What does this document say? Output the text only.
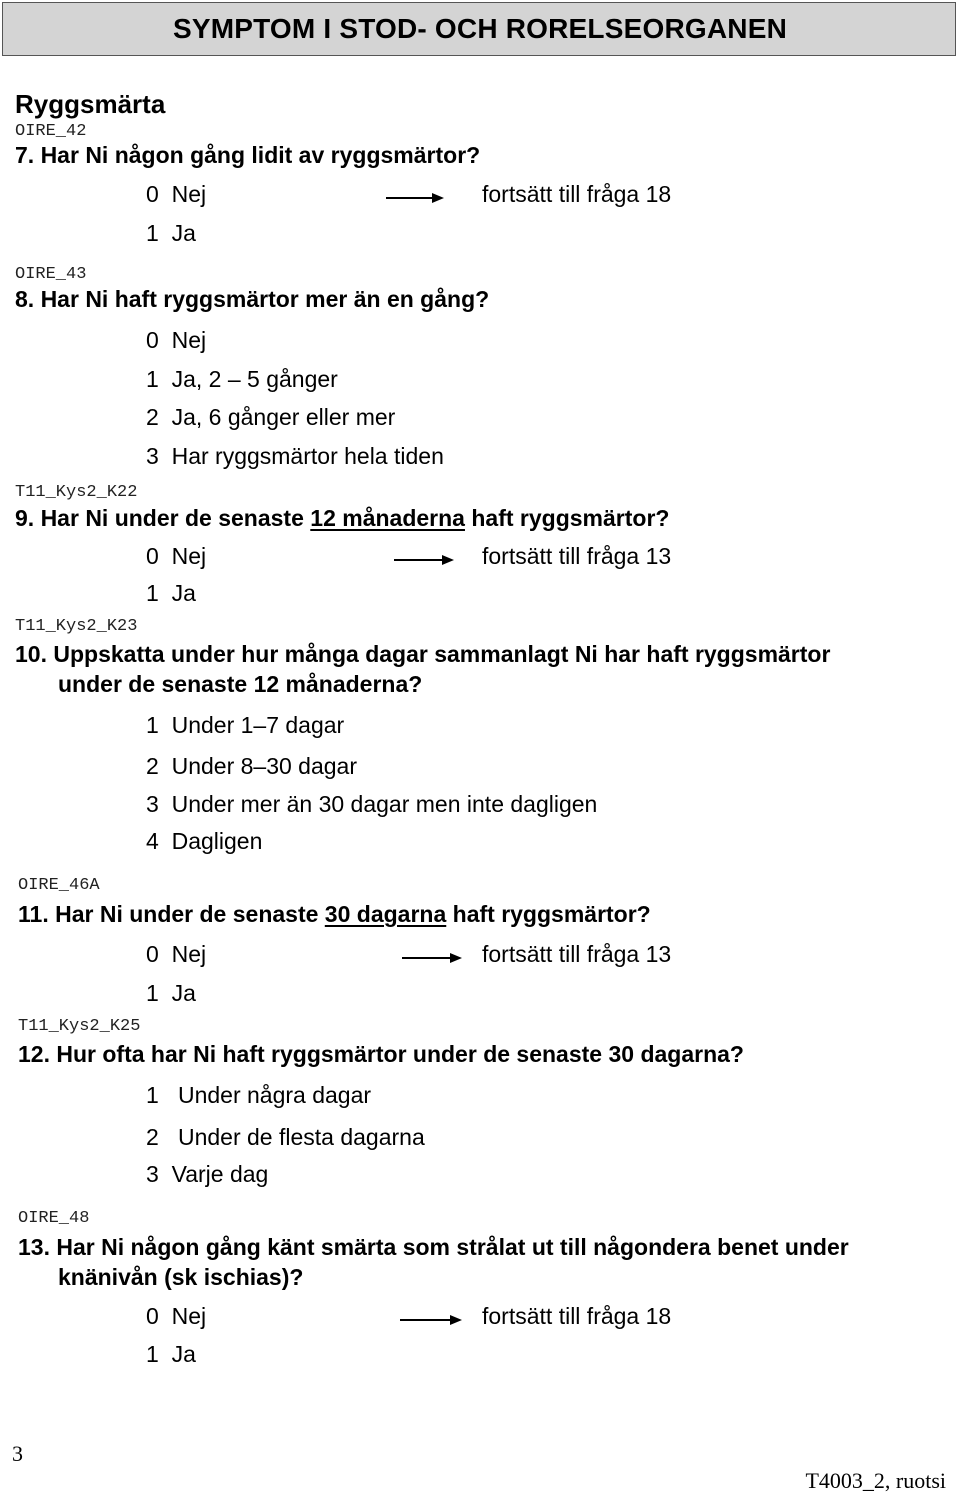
SYMPTOM I STOD- OCH RORELSEORGANEN
Ryggsmärta
OIRE_42
7. Har Ni någon gång lidit av ryggsmärtor?
0 Nej	fortsätt till fråga 18
1 Ja
OIRE_43
8. Har Ni haft ryggsmärtor mer än en gång?
0 Nej
1 Ja, 2 – 5 gånger
2 Ja, 6 gånger eller mer
3 Har ryggsmärtor hela tiden
T11_Kys2_K22
9. Har Ni under de senaste 12 månaderna haft ryggsmärtor?
0 Nej	fortsätt till fråga 13
1 Ja
T11_Kys2_K23
10. Uppskatta under hur många dagar sammanlagt Ni har haft ryggsmärtor
under de senaste 12 månaderna?
1 Under 1–7 dagar
2 Under 8–30 dagar
3 Under mer än 30 dagar men inte dagligen
4 Dagligen
OIRE_46A
11. Har Ni under de senaste 30 dagarna haft ryggsmärtor?
0 Nej	fortsätt till fråga 13
1 Ja
T11_Kys2_K25
12. Hur ofta har Ni haft ryggsmärtor under de senaste 30 dagarna?
1 Under några dagar
2 Under de flesta dagarna
3 Varje dag
OIRE_48
13. Har Ni någon gång känt smärta som strålat ut till någondera benet under
knänivån (sk ischias)?
0 Nej	fortsätt till fråga 18
1 Ja
3
T4003_2, ruotsi
